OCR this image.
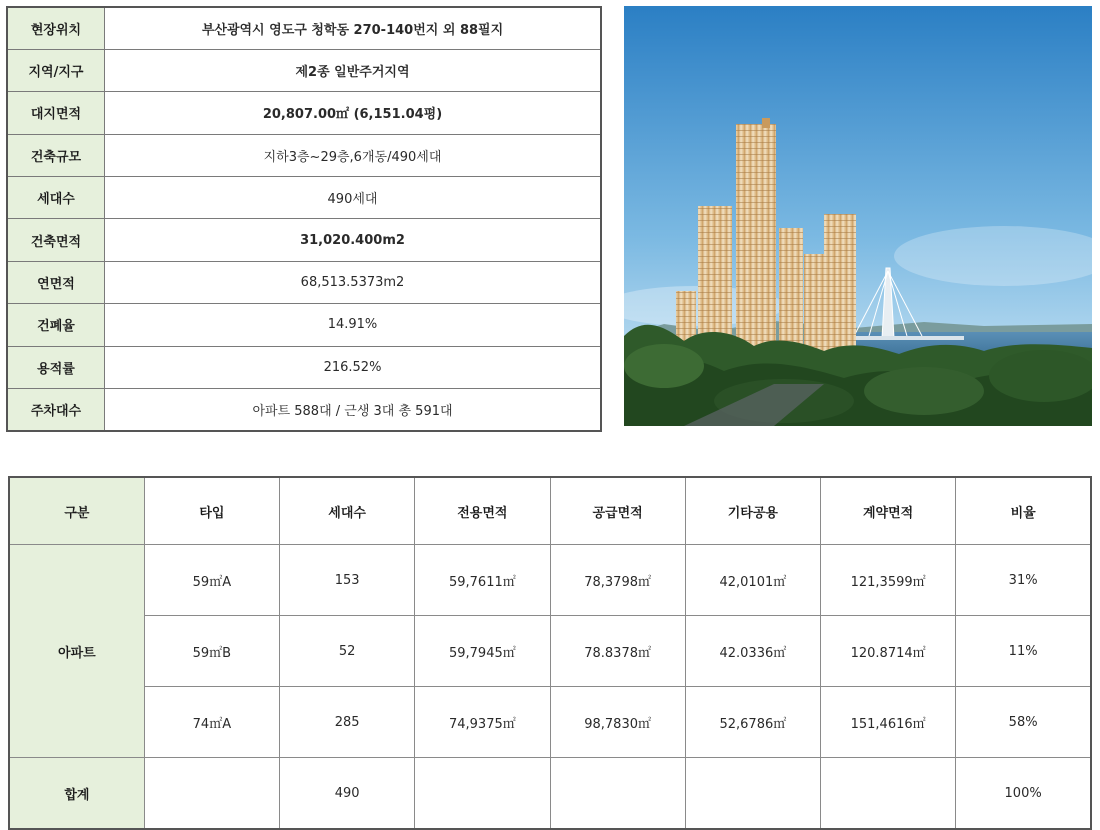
현장위치	부산광역시 영도구 청학동 270-140번지 외 88필지
지역/지구	제2종 일반주거지역
대지면적	20,807.00㎡ (6,151.04평)
건축규모	지하3층~29층,6개동/490세대
세대수	490세대
건축면적	31,020.400m2
연면적	68,513.5373m2
건폐율	14.91%
용적률	216.52%
주차대수	아파트 588대 / 근생 3대 총 591대
구분	타입	세대수	전용면적	공급면적	기타공용	계약면적	비율
아파트	59㎡A	153	59,7611㎡	78,3798㎡	42,0101㎡	121,3599㎡	31%
	59㎡B	52	59,7945㎡	78.8378㎡	42.0336㎡	120.8714㎡	11%
	74㎡A	285	74,9375㎡	98,7830㎡	52,6786㎡	151,4616㎡	58%
합계		490					100%
